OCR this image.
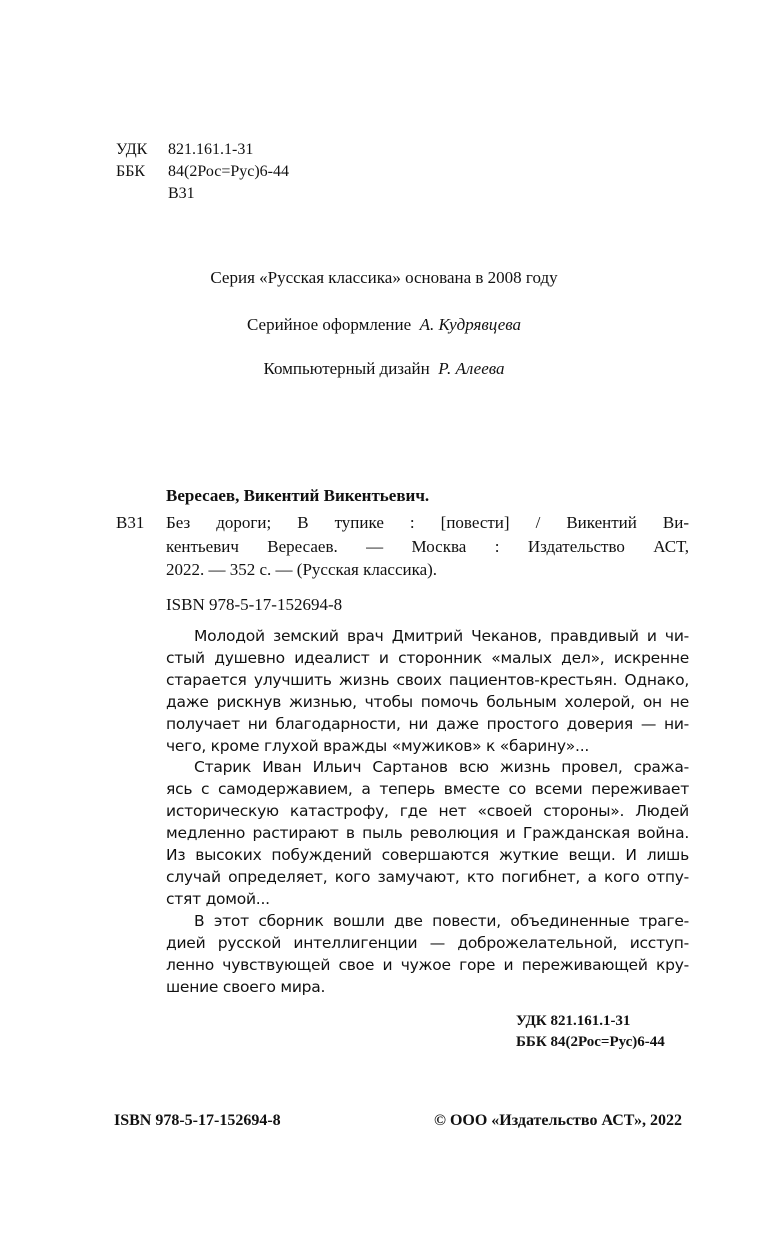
УДК 821.161.1-31
ББК 84(2Рос=Рус)6-44
В31
Серия «Русская классика» основана в 2008 году
Серийное оформление А. Кудрявцева
Компьютерный дизайн Р. Алеева
Вересаев, Викентий Викентьевич.
В31 Без дороги; В тупике : [повести] / Викентий Ви-
кентьевич Вересаев. — Москва : Издательство АСТ,
2022. — 352 с. — (Русская классика).
ISBN 978-5-17-152694-8

Молодой земский врач Дмитрий Чеканов, правдивый и чи-
стый душевно идеалист и сторонник «малых дел», искренне
старается улучшить жизнь своих пациентов-крестьян. Однако,
даже рискнув жизнью, чтобы помочь больным холерой, он не
получает ни благодарности, ни даже простого доверия — ни-
чего, кроме глухой вражды «мужиков» к «барину»...

Старик Иван Ильич Сартанов всю жизнь провел, сража-
ясь с самодержавием, а теперь вместе со всеми переживает
историческую катастрофу, где нет «своей стороны». Людей
медленно растирают в пыль революция и Гражданская война.
Из высоких побуждений совершаются жуткие вещи. И лишь
случай определяет, кого замучают, кто погибнет, а кого отпу-
стят домой...

В этот сборник вошли две повести, объединенные траге-
дией русской интеллигенции — доброжелательной, исступ-
ленно чувствующей свое и чужое горе и переживающей кру-
шение своего мира.

УДК 821.161.1-31
ББК 84(2Рос=Рус)6-44
ISBN 978-5-17-152694-8	© ООО «Издательство АСТ», 2022
